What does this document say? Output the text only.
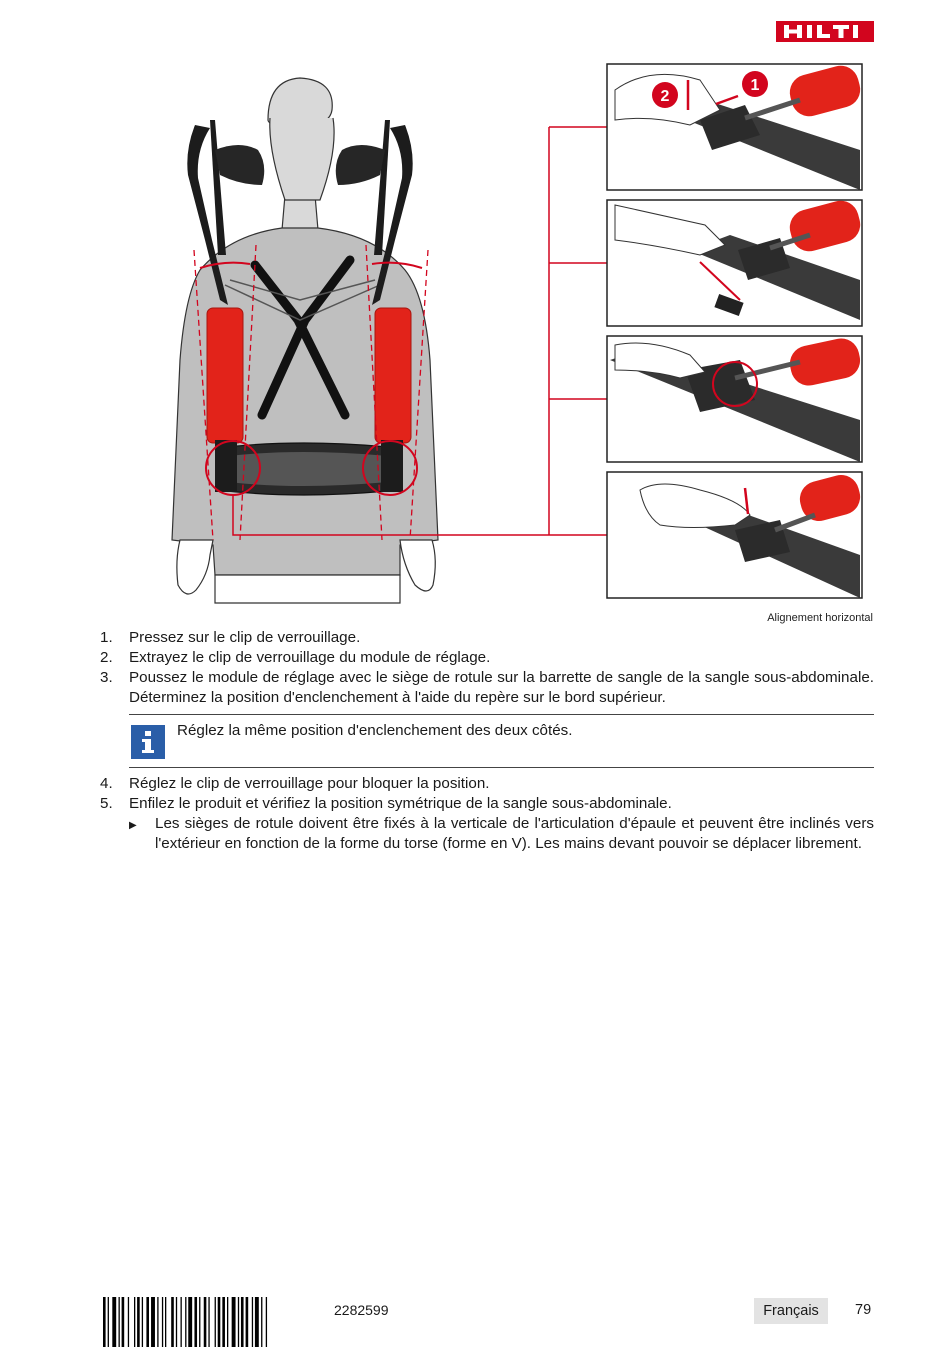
1
2
Alignement horizontal
1.	Pressez sur le clip de verrouillage.
2.	Extrayez le clip de verrouillage du module de réglage.
3.	Poussez le module de réglage avec le siège de rotule sur la barrette de sangle de la sangle sous-abdominale. Déterminez la position d'enclenchement à l'aide du repère sur le bord supérieur.
Réglez la même position d'enclenchement des deux côtés.
4.	Réglez le clip de verrouillage pour bloquer la position.
5.	Enfilez le produit et vérifiez la position symétrique de la sangle sous-abdominale.
▶	Les sièges de rotule doivent être fixés à la verticale de l'articulation d'épaule et peuvent être inclinés vers l'extérieur en fonction de la forme du torse (forme en V). Les mains devant pouvoir se déplacer librement.
2282599	Français	79
